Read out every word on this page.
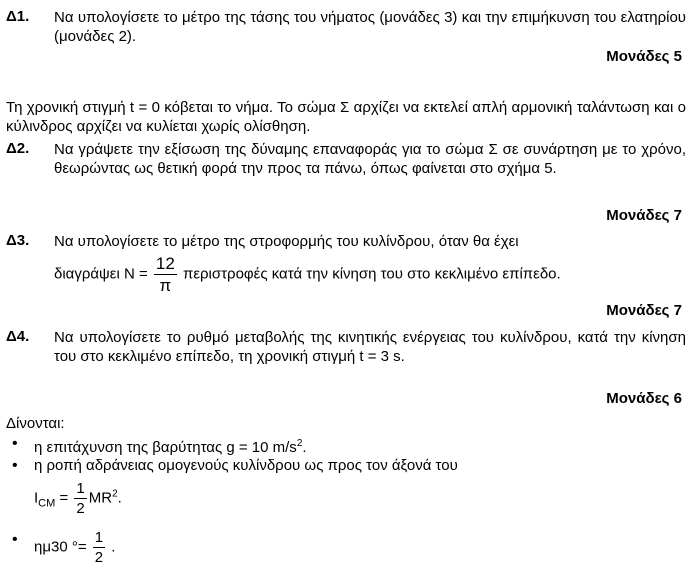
Δ1. Να υπολογίσετε το μέτρο της τάσης του νήματος (μονάδες 3) και την επιμήκυνση του ελατηρίου (μονάδες 2).
Μονάδες 5
Τη χρονική στιγμή t = 0 κόβεται το νήμα. Το σώμα Σ αρχίζει να εκτελεί απλή αρμονική ταλάντωση και ο κύλινδρος αρχίζει να κυλίεται χωρίς ολίσθηση.
Δ2. Να γράψετε την εξίσωση της δύναμης επαναφοράς για το σώμα Σ σε συνάρτηση με το χρόνο, θεωρώντας ως θετική φορά την προς τα πάνω, όπως φαίνεται στο σχήμα 5.
Μονάδες 7
Δ3. Να υπολογίσετε το μέτρο της στροφορμής του κυλίνδρου, όταν θα έχει
διαγράψει $N = \frac{12}{\pi}$ περιστροφές κατά την κίνηση του στο κεκλιμένο επίπεδο.
Μονάδες 7
Δ4. Να υπολογίσετε το ρυθμό μεταβολής της κινητικής ενέργειας του κυλίνδρου, κατά την κίνηση του στο κεκλιμένο επίπεδο, τη χρονική στιγμή t = 3 s.
Μονάδες 6
Δίνονται:
• η επιτάχυνση της βαρύτητας g = 10 $m/s^2$.
• η ροπή αδράνειας ομογενούς κυλίνδρου ως προς τον άξονά του
$I_{CM} = \frac{1}{2} MR^2$.
• ημ30 °= $\frac{1}{2}$ .
